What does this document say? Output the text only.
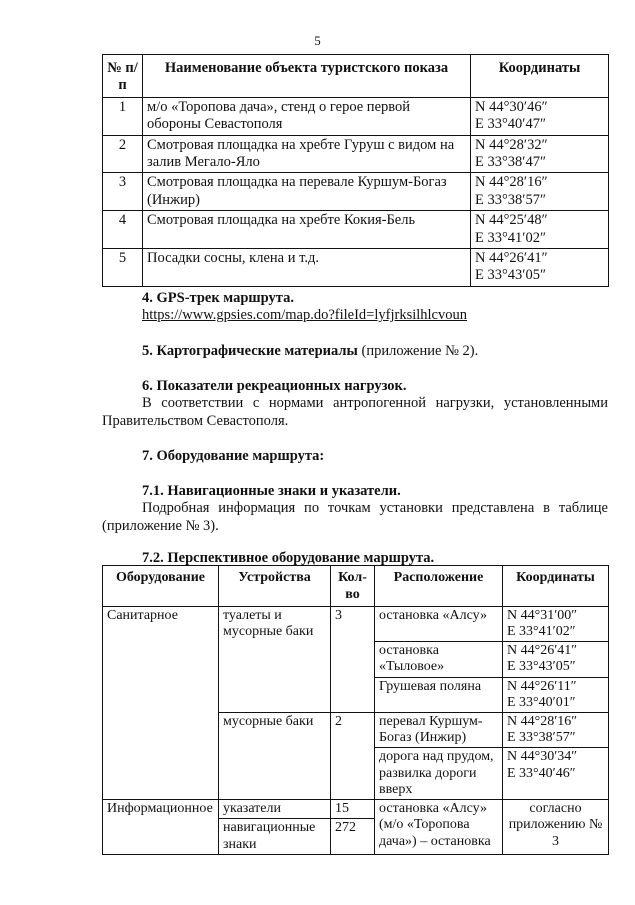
5
№ п/п	Наименование объекта туристского показа	Координаты
1	м/о «Торопова дача», стенд о герое первой обороны Севастополя	N 44°30′46″
E 33°40′47″
2	Смотровая площадка на хребте Гуруш с видом на залив Мегало-Яло	N 44°28′32″
E 33°38′47″
3	Смотровая площадка на перевале Куршум-Богаз (Инжир)	N 44°28′16″
E 33°38′57″
4	Смотровая площадка на хребте Кокия-Бель	N 44°25′48″
E 33°41′02″
5	Посадки сосны, клена и т.д.	N 44°26′41″
E 33°43′05″
4. GPS-трек маршрута.
https://www.gpsies.com/map.do?fileId=lyfjrksilhlcvoun
5. Картографические материалы (приложение № 2).
6. Показатели рекреационных нагрузок.
В соответствии с нормами антропогенной нагрузки, установленными Правительством Севастополя.
7. Оборудование маршрута:
7.1. Навигационные знаки и указатели.
Подробная информация по точкам установки представлена в таблице (приложение № 3).
7.2. Перспективное оборудование маршрута.
Оборудование	Устройства	Кол-во	Расположение	Координаты
Санитарное	туалеты и мусорные баки	3	остановка «Алсу»	N 44°31′00″
E 33°41′02″
			остановка «Тыловое»	N 44°26′41″
E 33°43′05″
			Грушевая поляна	N 44°26′11″
E 33°40′01″
	мусорные баки	2	перевал Куршум-Богаз (Инжир)	N 44°28′16″
E 33°38′57″
			дорога над прудом, развилка дороги вверх	N 44°30′34″
E 33°40′46″
Информационное	указатели	15	остановка «Алсу» (м/о «Торопова дача») – остановка	согласно приложению № 3
	навигационные знаки	272		
